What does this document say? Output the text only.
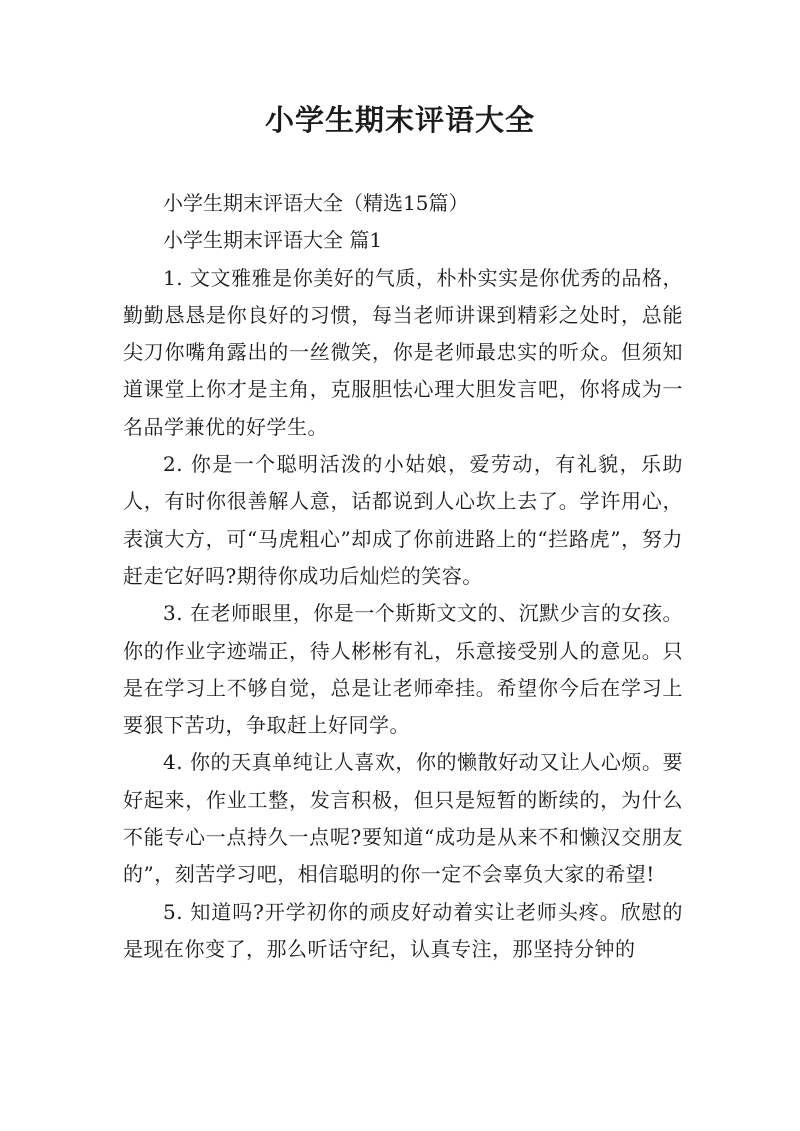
小学生期末评语大全

小学生期末评语大全（精选15篇）

小学生期末评语大全 篇1

1. 文文雅雅是你美好的气质，朴朴实实是你优秀的品格，勤勤恳恳是你良好的习惯，每当老师讲课到精彩之处时，总能尖刀你嘴角露出的一丝微笑，你是老师最忠实的听众。但须知道课堂上你才是主角，克服胆怯心理大胆发言吧，你将成为一名品学兼优的好学生。

2. 你是一个聪明活泼的小姑娘，爱劳动，有礼貌，乐助人，有时你很善解人意，话都说到人心坎上去了。学许用心，表演大方，可“马虎粗心”却成了你前进路上的“拦路虎”，努力赶走它好吗?期待你成功后灿烂的笑容。

3. 在老师眼里，你是一个斯斯文文的、沉默少言的女孩。你的作业字迹端正，待人彬彬有礼，乐意接受别人的意见。只是在学习上不够自觉，总是让老师牵挂。希望你今后在学习上要狠下苦功，争取赶上好同学。

4. 你的天真单纯让人喜欢，你的懒散好动又让人心烦。要好起来，作业工整，发言积极，但只是短暂的断续的，为什么不能专心一点持久一点呢?要知道“成功是从来不和懒汉交朋友的”，刻苦学习吧，相信聪明的你一定不会辜负大家的希望!

5. 知道吗?开学初你的顽皮好动着实让老师头疼。欣慰的是现在你变了，那么听话守纪，认真专注，那坚持分钟的
